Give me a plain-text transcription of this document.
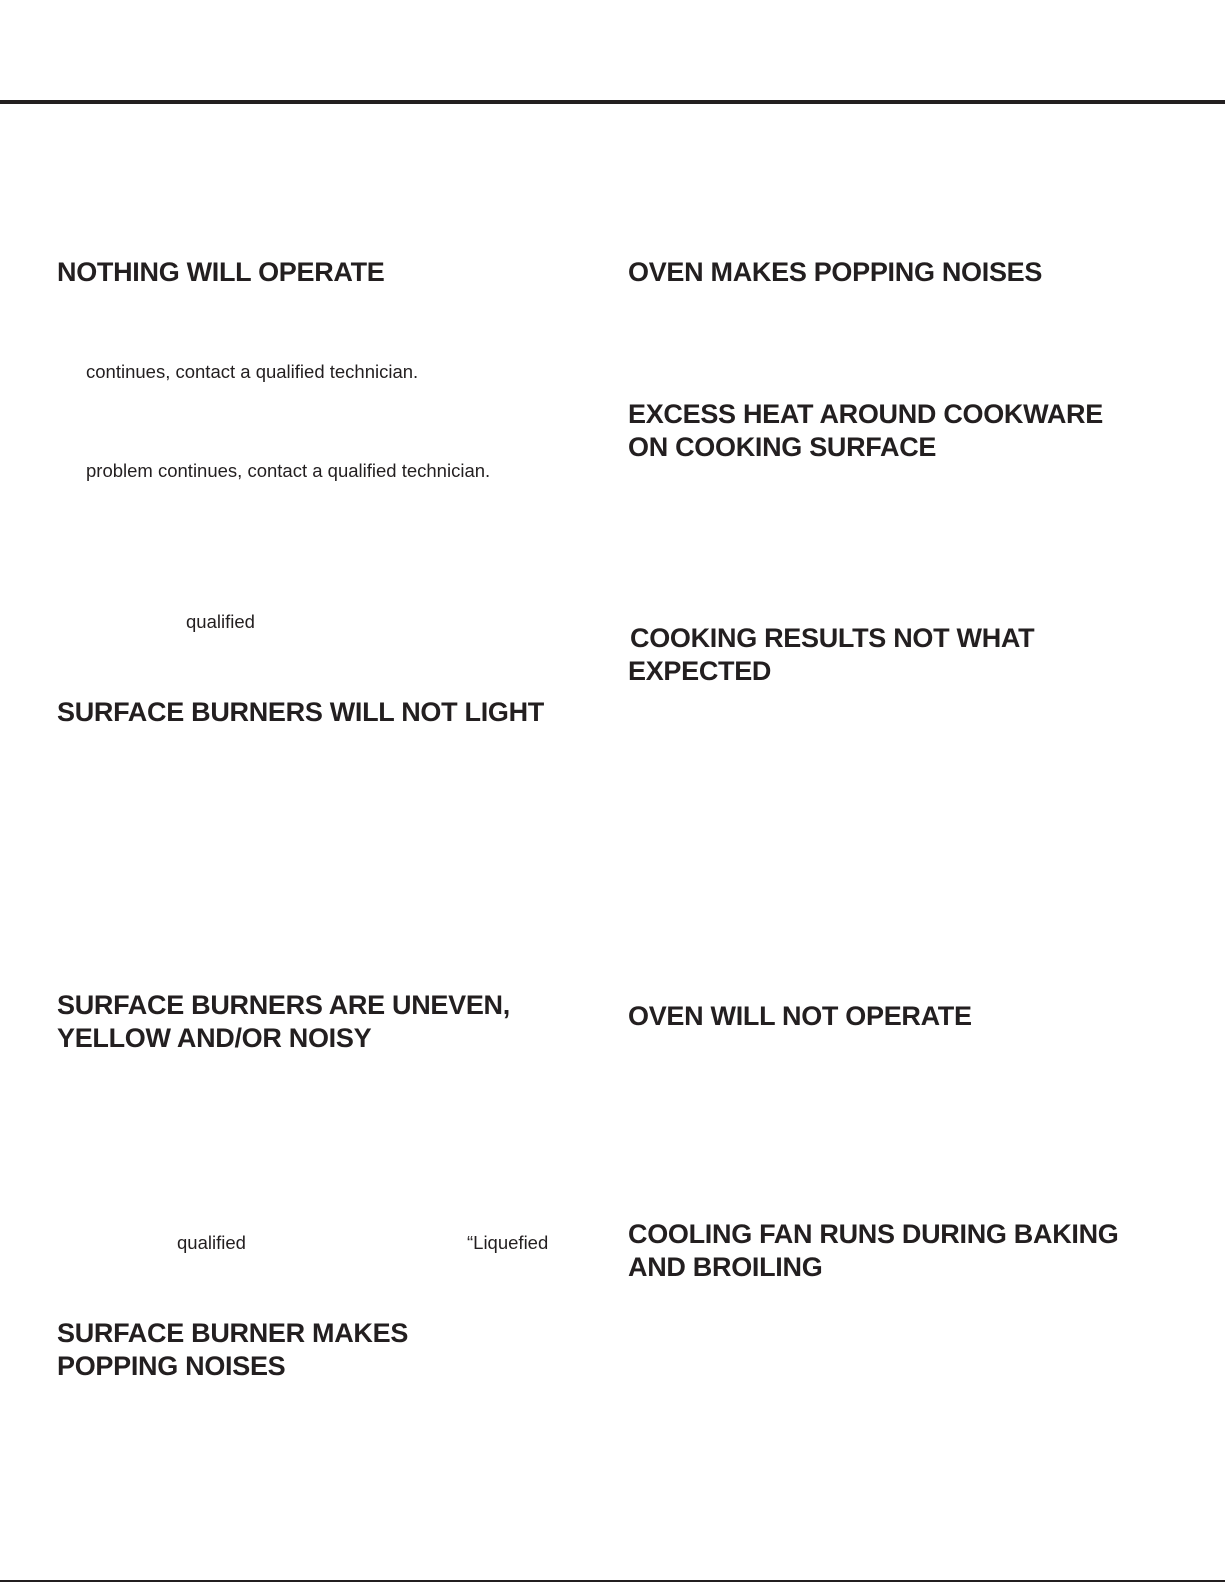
NOTHING WILL OPERATE

continues, contact a qualified technician.

problem continues, contact a qualified technician.

qualified

SURFACE BURNERS WILL NOT LIGHT
SURFACE BURNERS ARE UNEVEN,
YELLOW AND/OR NOISY

qualified	“Liquefied

SURFACE BURNER MAKES
POPPING NOISES
OVEN MAKES POPPING NOISES
EXCESS HEAT AROUND COOKWARE
ON COOKING SURFACE
COOKING RESULTS NOT WHAT
EXPECTED
OVEN WILL NOT OPERATE
COOLING FAN RUNS DURING BAKING
AND BROILING
